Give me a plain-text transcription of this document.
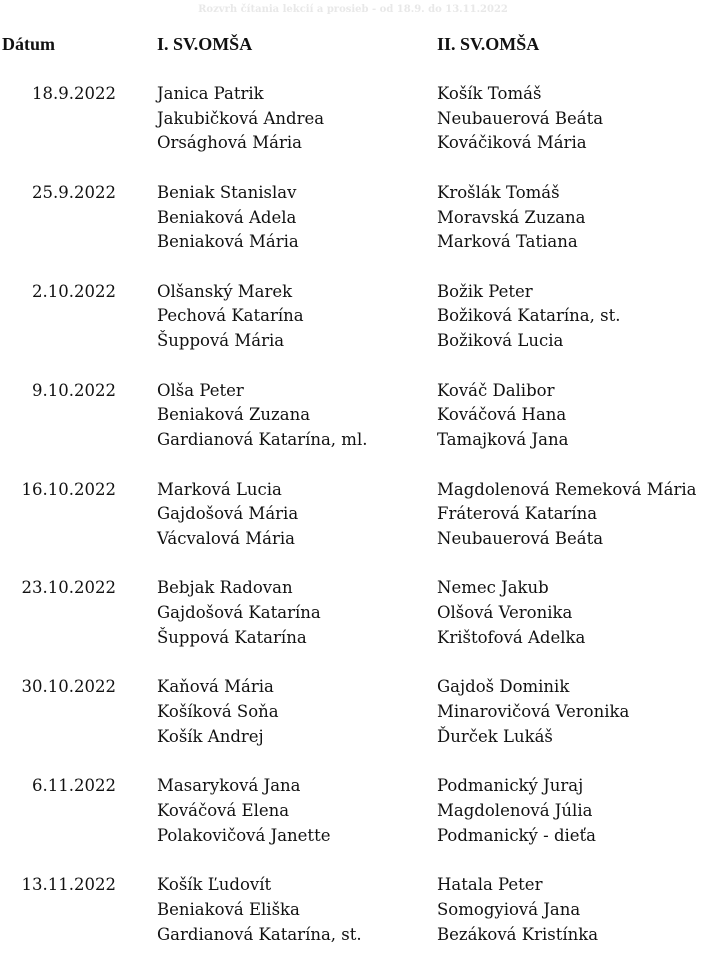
Rozvrh čítania lekcií a prosieb - od 18.9. do 13.11.2022
Dátum	I. SV.OMŠA	II. SV.OMŠA
18.9.2022 Janica Patrik
Jakubičková Andrea
Orsághová Mária
Košík Tomáš
Neubauerová Beáta
Kováčiková Mária
25.9.2022 Beniak Stanislav
Beniaková Adela
Beniaková Mária
Krošlák Tomáš
Moravská Zuzana
Marková Tatiana
2.10.2022 Olšanský Marek
Pechová Katarína
Šuppová Mária
Božik Peter
Božiková Katarína, st.
Božiková Lucia
9.10.2022 Olša Peter
Beniaková Zuzana
Gardianová Katarína, ml.
Kováč Dalibor
Kováčová Hana
Tamajková Jana
16.10.2022 Marková Lucia
Gajdošová Mária
Vácvalová Mária
Magdolenová Remeková Mária
Fráterová Katarína
Neubauerová Beáta
23.10.2022 Bebjak Radovan
Gajdošová Katarína
Šuppová Katarína
Nemec Jakub
Olšová Veronika
Krištofová Adelka
30.10.2022 Kaňová Mária
Košíková Soňa
Košík Andrej
Gajdoš Dominik
Minarovičová Veronika
Ďurček Lukáš
6.11.2022 Masaryková Jana
Kováčová Elena
Polakovičová Janette
Podmanický Juraj
Magdolenová Júlia
Podmanický - dieťa
13.11.2022 Košík Ľudovít
Beniaková Eliška
Gardianová Katarína, st.
Hatala Peter
Somogyiová Jana
Bezáková Kristínka
